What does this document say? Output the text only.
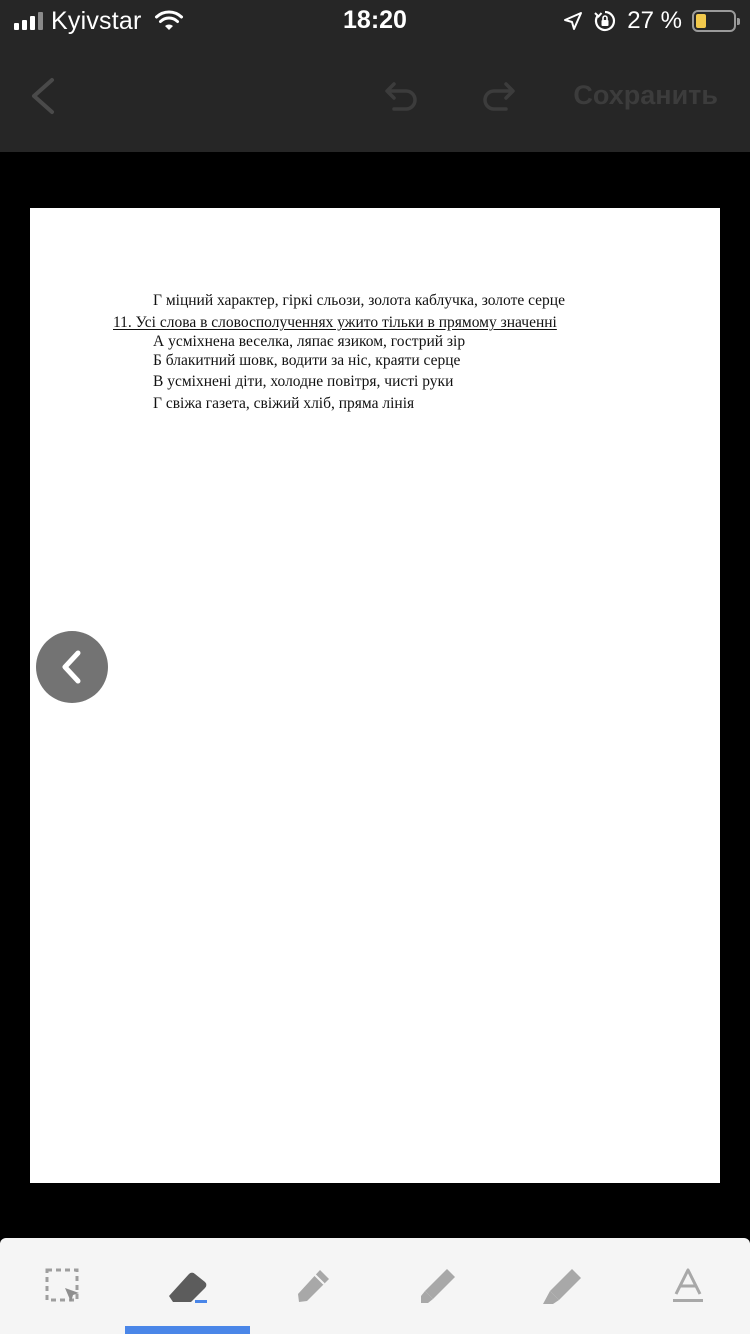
Kyivstar	18:20	27 %
Сохранить
Г міцний характер, гіркі сльози, золота каблучка, золоте серце
11. Усі слова в словосполученнях ужито тільки в прямому значенні
А усміхнена веселка, ляпає язиком, гострий зір
Б блакитний шовк, водити за ніс, краяти серце
В усміхнені діти, холодне повітря, чисті руки
Г свіжа газета, свіжий хліб, пряма лінія
